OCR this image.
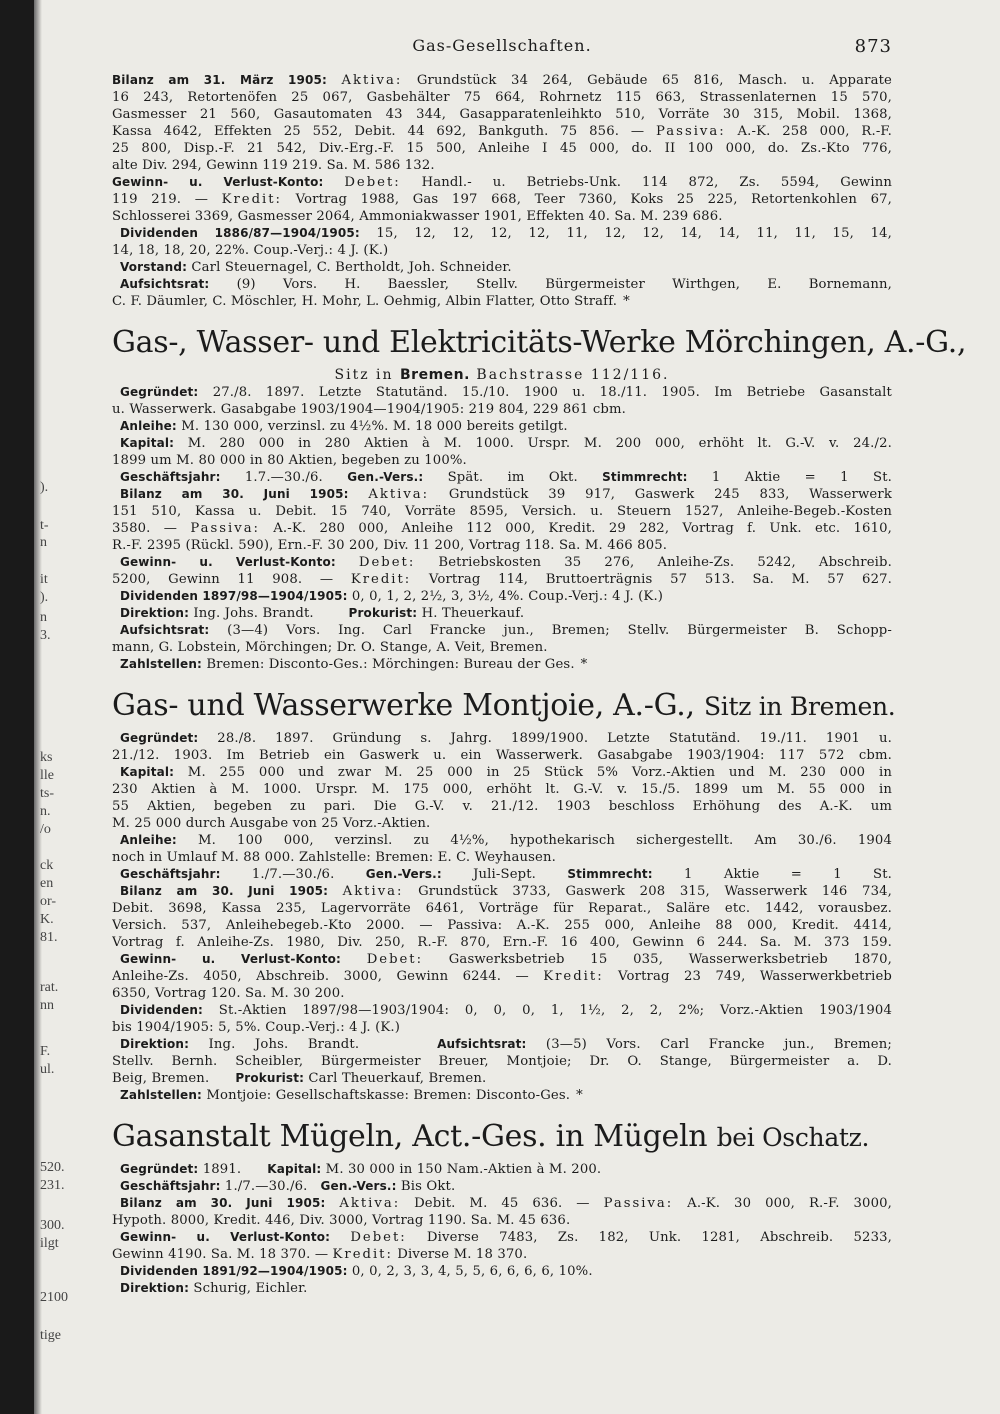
).
t-
n
it
).
n
3.
ks
lle
ts-
n.
/o
ck
en
or-
K.
81.
rat.
nn
F.
ul.
520.
231.
300.
ilgt
2100
tige
Gas-Gesellschaften.	873
Bilanz am 31. März 1905: Aktiva: Grundstück 34 264, Gebäude 65 816, Masch. u. Apparate
16 243, Retortenöfen 25 067, Gasbehälter 75 664, Rohrnetz 115 663, Strassenlaternen 15 570,
Gasmesser 21 560, Gasautomaten 43 344, Gasapparatenleihkto 510, Vorräte 30 315, Mobil. 1368,
Kassa 4642, Effekten 25 552, Debit. 44 692, Bankguth. 75 856. — Passiva: A.-K. 258 000, R.-F.
25 800, Disp.-F. 21 542, Div.-Erg.-F. 15 500, Anleihe I 45 000, do. II 100 000, do. Zs.-Kto 776,
alte Div. 294, Gewinn 119 219. Sa. M. 586 132.
Gewinn- u. Verlust-Konto: Debet: Handl.- u. Betriebs-Unk. 114 872, Zs. 5594, Gewinn
119 219. — Kredit: Vortrag 1988, Gas 197 668, Teer 7360, Koks 25 225, Retortenkohlen 67,
Schlosserei 3369, Gasmesser 2064, Ammoniakwasser 1901, Effekten 40. Sa. M. 239 686.
Dividenden 1886/87—1904/1905: 15, 12, 12, 12, 12, 11, 12, 12, 14, 14, 11, 11, 15, 14,
14, 18, 18, 20, 22%. Coup.-Verj.: 4 J. (K.)
Vorstand: Carl Steuernagel, C. Bertholdt, Joh. Schneider.
Aufsichtsrat: (9) Vors. H. Baessler, Stellv. Bürgermeister Wirthgen, E. Bornemann,
C. F. Däumler, C. Möschler, H. Mohr, L. Oehmig, Albin Flatter, Otto Straff. *
Gas-, Wasser- und Elektricitäts-Werke Mörchingen, A.-G.,
Sitz in Bremen. Bachstrasse 112/116.
Gegründet: 27./8. 1897. Letzte Statutänd. 15./10. 1900 u. 18./11. 1905. Im Betriebe Gasanstalt
u. Wasserwerk. Gasabgabe 1903/1904—1904/1905: 219 804, 229 861 cbm.
Anleihe: M. 130 000, verzinsl. zu 4½%. M. 18 000 bereits getilgt.
Kapital: M. 280 000 in 280 Aktien à M. 1000. Urspr. M. 200 000, erhöht lt. G.-V. v. 24./2.
1899 um M. 80 000 in 80 Aktien, begeben zu 100%.
Geschäftsjahr: 1.7.—30./6. Gen.-Vers.: Spät. im Okt. Stimmrecht: 1 Aktie = 1 St.
Bilanz am 30. Juni 1905: Aktiva: Grundstück 39 917, Gaswerk 245 833, Wasserwerk
151 510, Kassa u. Debit. 15 740, Vorräte 8595, Versich. u. Steuern 1527, Anleihe-Begeb.-Kosten
3580. — Passiva: A.-K. 280 000, Anleihe 112 000, Kredit. 29 282, Vortrag f. Unk. etc. 1610,
R.-F. 2395 (Rückl. 590), Ern.-F. 30 200, Div. 11 200, Vortrag 118. Sa. M. 466 805.
Gewinn- u. Verlust-Konto: Debet: Betriebskosten 35 276, Anleihe-Zs. 5242, Abschreib.
5200, Gewinn 11 908. — Kredit: Vortrag 114, Bruttoerträgnis 57 513. Sa. M. 57 627.
Dividenden 1897/98—1904/1905: 0, 0, 1, 2, 2½, 3, 3½, 4%. Coup.-Verj.: 4 J. (K.)
Direktion: Ing. Johs. Brandt.	Prokurist: H. Theuerkauf.
Aufsichtsrat: (3—4) Vors. Ing. Carl Francke jun., Bremen; Stellv. Bürgermeister B. Schopp-
mann, G. Lobstein, Mörchingen; Dr. O. Stange, A. Veit, Bremen.
Zahlstellen: Bremen: Disconto-Ges.: Mörchingen: Bureau der Ges. *
Gas- und Wasserwerke Montjoie, A.-G., Sitz in Bremen.
Gegründet: 28./8. 1897. Gründung s. Jahrg. 1899/1900. Letzte Statutänd. 19./11. 1901 u.
21./12. 1903. Im Betrieb ein Gaswerk u. ein Wasserwerk. Gasabgabe 1903/1904: 117 572 cbm.
Kapital: M. 255 000 und zwar M. 25 000 in 25 Stück 5% Vorz.-Aktien und M. 230 000 in
230 Aktien à M. 1000. Urspr. M. 175 000, erhöht lt. G.-V. v. 15./5. 1899 um M. 55 000 in
55 Aktien, begeben zu pari. Die G.-V. v. 21./12. 1903 beschloss Erhöhung des A.-K. um
M. 25 000 durch Ausgabe von 25 Vorz.-Aktien.
Anleihe: M. 100 000, verzinsl. zu 4½%, hypothekarisch sichergestellt. Am 30./6. 1904
noch in Umlauf M. 88 000. Zahlstelle: Bremen: E. C. Weyhausen.
Geschäftsjahr: 1./7.—30./6.	Gen.-Vers.: Juli-Sept.	Stimmrecht: 1 Aktie = 1 St.
Bilanz am 30. Juni 1905: Aktiva: Grundstück 3733, Gaswerk 208 315, Wasserwerk 146 734,
Debit. 3698, Kassa 235, Lagervorräte 6461, Vorträge für Reparat., Saläre etc. 1442, vorausbez.
Versich. 537, Anleihebegeb.-Kto 2000. — Passiva: A.-K. 255 000, Anleihe 88 000, Kredit. 4414,
Vortrag f. Anleihe-Zs. 1980, Div. 250, R.-F. 870, Ern.-F. 16 400, Gewinn 6 244. Sa. M. 373 159.
Gewinn- u. Verlust-Konto: Debet: Gaswerksbetrieb 15 035, Wasserwerksbetrieb 1870,
Anleihe-Zs. 4050, Abschreib. 3000, Gewinn 6244. — Kredit: Vortrag 23 749, Wasserwerkbetrieb
6350, Vortrag 120. Sa. M. 30 200.
Dividenden: St.-Aktien 1897/98—1903/1904: 0, 0, 0, 1, 1½, 2, 2, 2%; Vorz.-Aktien 1903/1904
bis 1904/1905: 5, 5%. Coup.-Verj.: 4 J. (K.)
Direktion: Ing. Johs. Brandt.	Aufsichtsrat: (3—5) Vors. Carl Francke jun., Bremen;
Stellv. Bernh. Scheibler, Bürgermeister Breuer, Montjoie; Dr. O. Stange, Bürgermeister a. D.
Beig, Bremen. Prokurist: Carl Theuerkauf, Bremen.
Zahlstellen: Montjoie: Gesellschaftskasse: Bremen: Disconto-Ges. *
Gasanstalt Mügeln, Act.-Ges. in Mügeln bei Oschatz.
Gegründet: 1891. Kapital: M. 30 000 in 150 Nam.-Aktien à M. 200.
Geschäftsjahr: 1./7.—30./6. Gen.-Vers.: Bis Okt.
Bilanz am 30. Juni 1905: Aktiva: Debit. M. 45 636. — Passiva: A.-K. 30 000, R.-F. 3000,
Hypoth. 8000, Kredit. 446, Div. 3000, Vortrag 1190. Sa. M. 45 636.
Gewinn- u. Verlust-Konto: Debet: Diverse 7483, Zs. 182, Unk. 1281, Abschreib. 5233,
Gewinn 4190. Sa. M. 18 370. — Kredit: Diverse M. 18 370.
Dividenden 1891/92—1904/1905: 0, 0, 2, 3, 3, 4, 5, 5, 6, 6, 6, 6, 10%.
Direktion: Schurig, Eichler.
